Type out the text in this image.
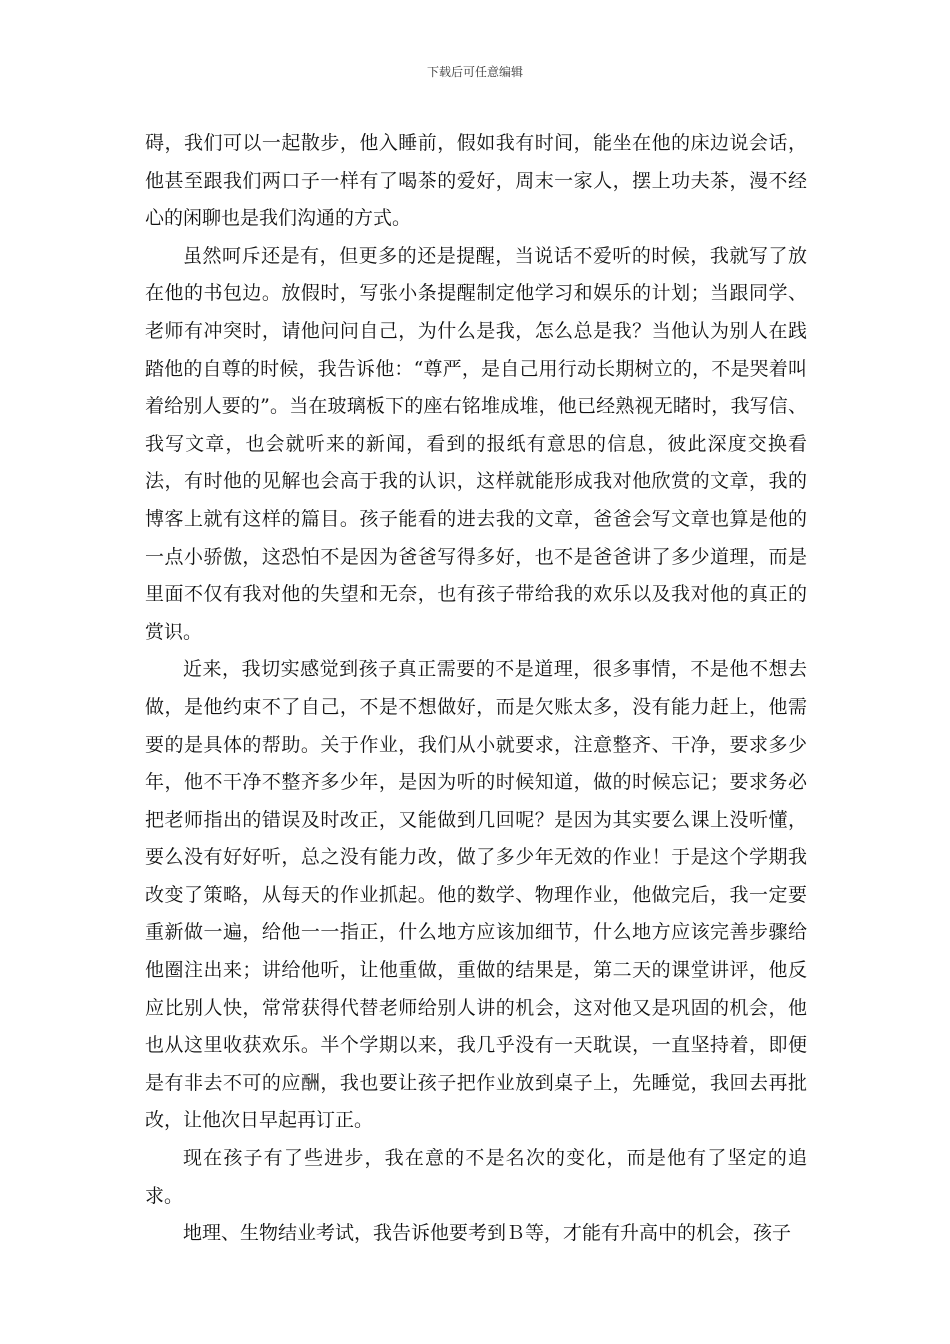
下载后可任意编辑

碍，我们可以一起散步，他入睡前，假如我有时间，能坐在他的床边说会话，他甚至跟我们两口子一样有了喝茶的爱好，周末一家人，摆上功夫茶，漫不经心的闲聊也是我们沟通的方式。

虽然呵斥还是有，但更多的还是提醒，当说话不爱听的时候，我就写了放在他的书包边。放假时，写张小条提醒制定他学习和娱乐的计划；当跟同学、老师有冲突时，请他问问自己，为什么是我，怎么总是我？当他认为别人在践踏他的自尊的时候，我告诉他：“尊严，是自己用行动长期树立的，不是哭着叫着给别人要的”。当在玻璃板下的座右铭堆成堆，他已经熟视无睹时，我写信、我写文章，也会就听来的新闻，看到的报纸有意思的信息，彼此深度交换看法，有时他的见解也会高于我的认识，这样就能形成我对他欣赏的文章，我的博客上就有这样的篇目。孩子能看的进去我的文章，爸爸会写文章也算是他的一点小骄傲，这恐怕不是因为爸爸写得多好，也不是爸爸讲了多少道理，而是里面不仅有我对他的失望和无奈，也有孩子带给我的欢乐以及我对他的真正的赏识。

近来，我切实感觉到孩子真正需要的不是道理，很多事情，不是他不想去做，是他约束不了自己，不是不想做好，而是欠账太多，没有能力赶上，他需要的是具体的帮助。关于作业，我们从小就要求，注意整齐、干净，要求多少年，他不干净不整齐多少年，是因为听的时候知道，做的时候忘记；要求务必把老师指出的错误及时改正，又能做到几回呢？是因为其实要么课上没听懂，要么没有好好听，总之没有能力改，做了多少年无效的作业！于是这个学期我改变了策略，从每天的作业抓起。他的数学、物理作业，他做完后，我一定要重新做一遍，给他一一指正，什么地方应该加细节，什么地方应该完善步骤给他圈注出来；讲给他听，让他重做，重做的结果是，第二天的课堂讲评，他反应比别人快，常常获得代替老师给别人讲的机会，这对他又是巩固的机会，他也从这里收获欢乐。半个学期以来，我几乎没有一天耽误，一直坚持着，即便是有非去不可的应酬，我也要让孩子把作业放到桌子上，先睡觉，我回去再批改，让他次日早起再订正。

现在孩子有了些进步，我在意的不是名次的变化，而是他有了坚定的追求。

地理、生物结业考试，我告诉他要考到Ｂ等，才能有升高中的机会，孩子
